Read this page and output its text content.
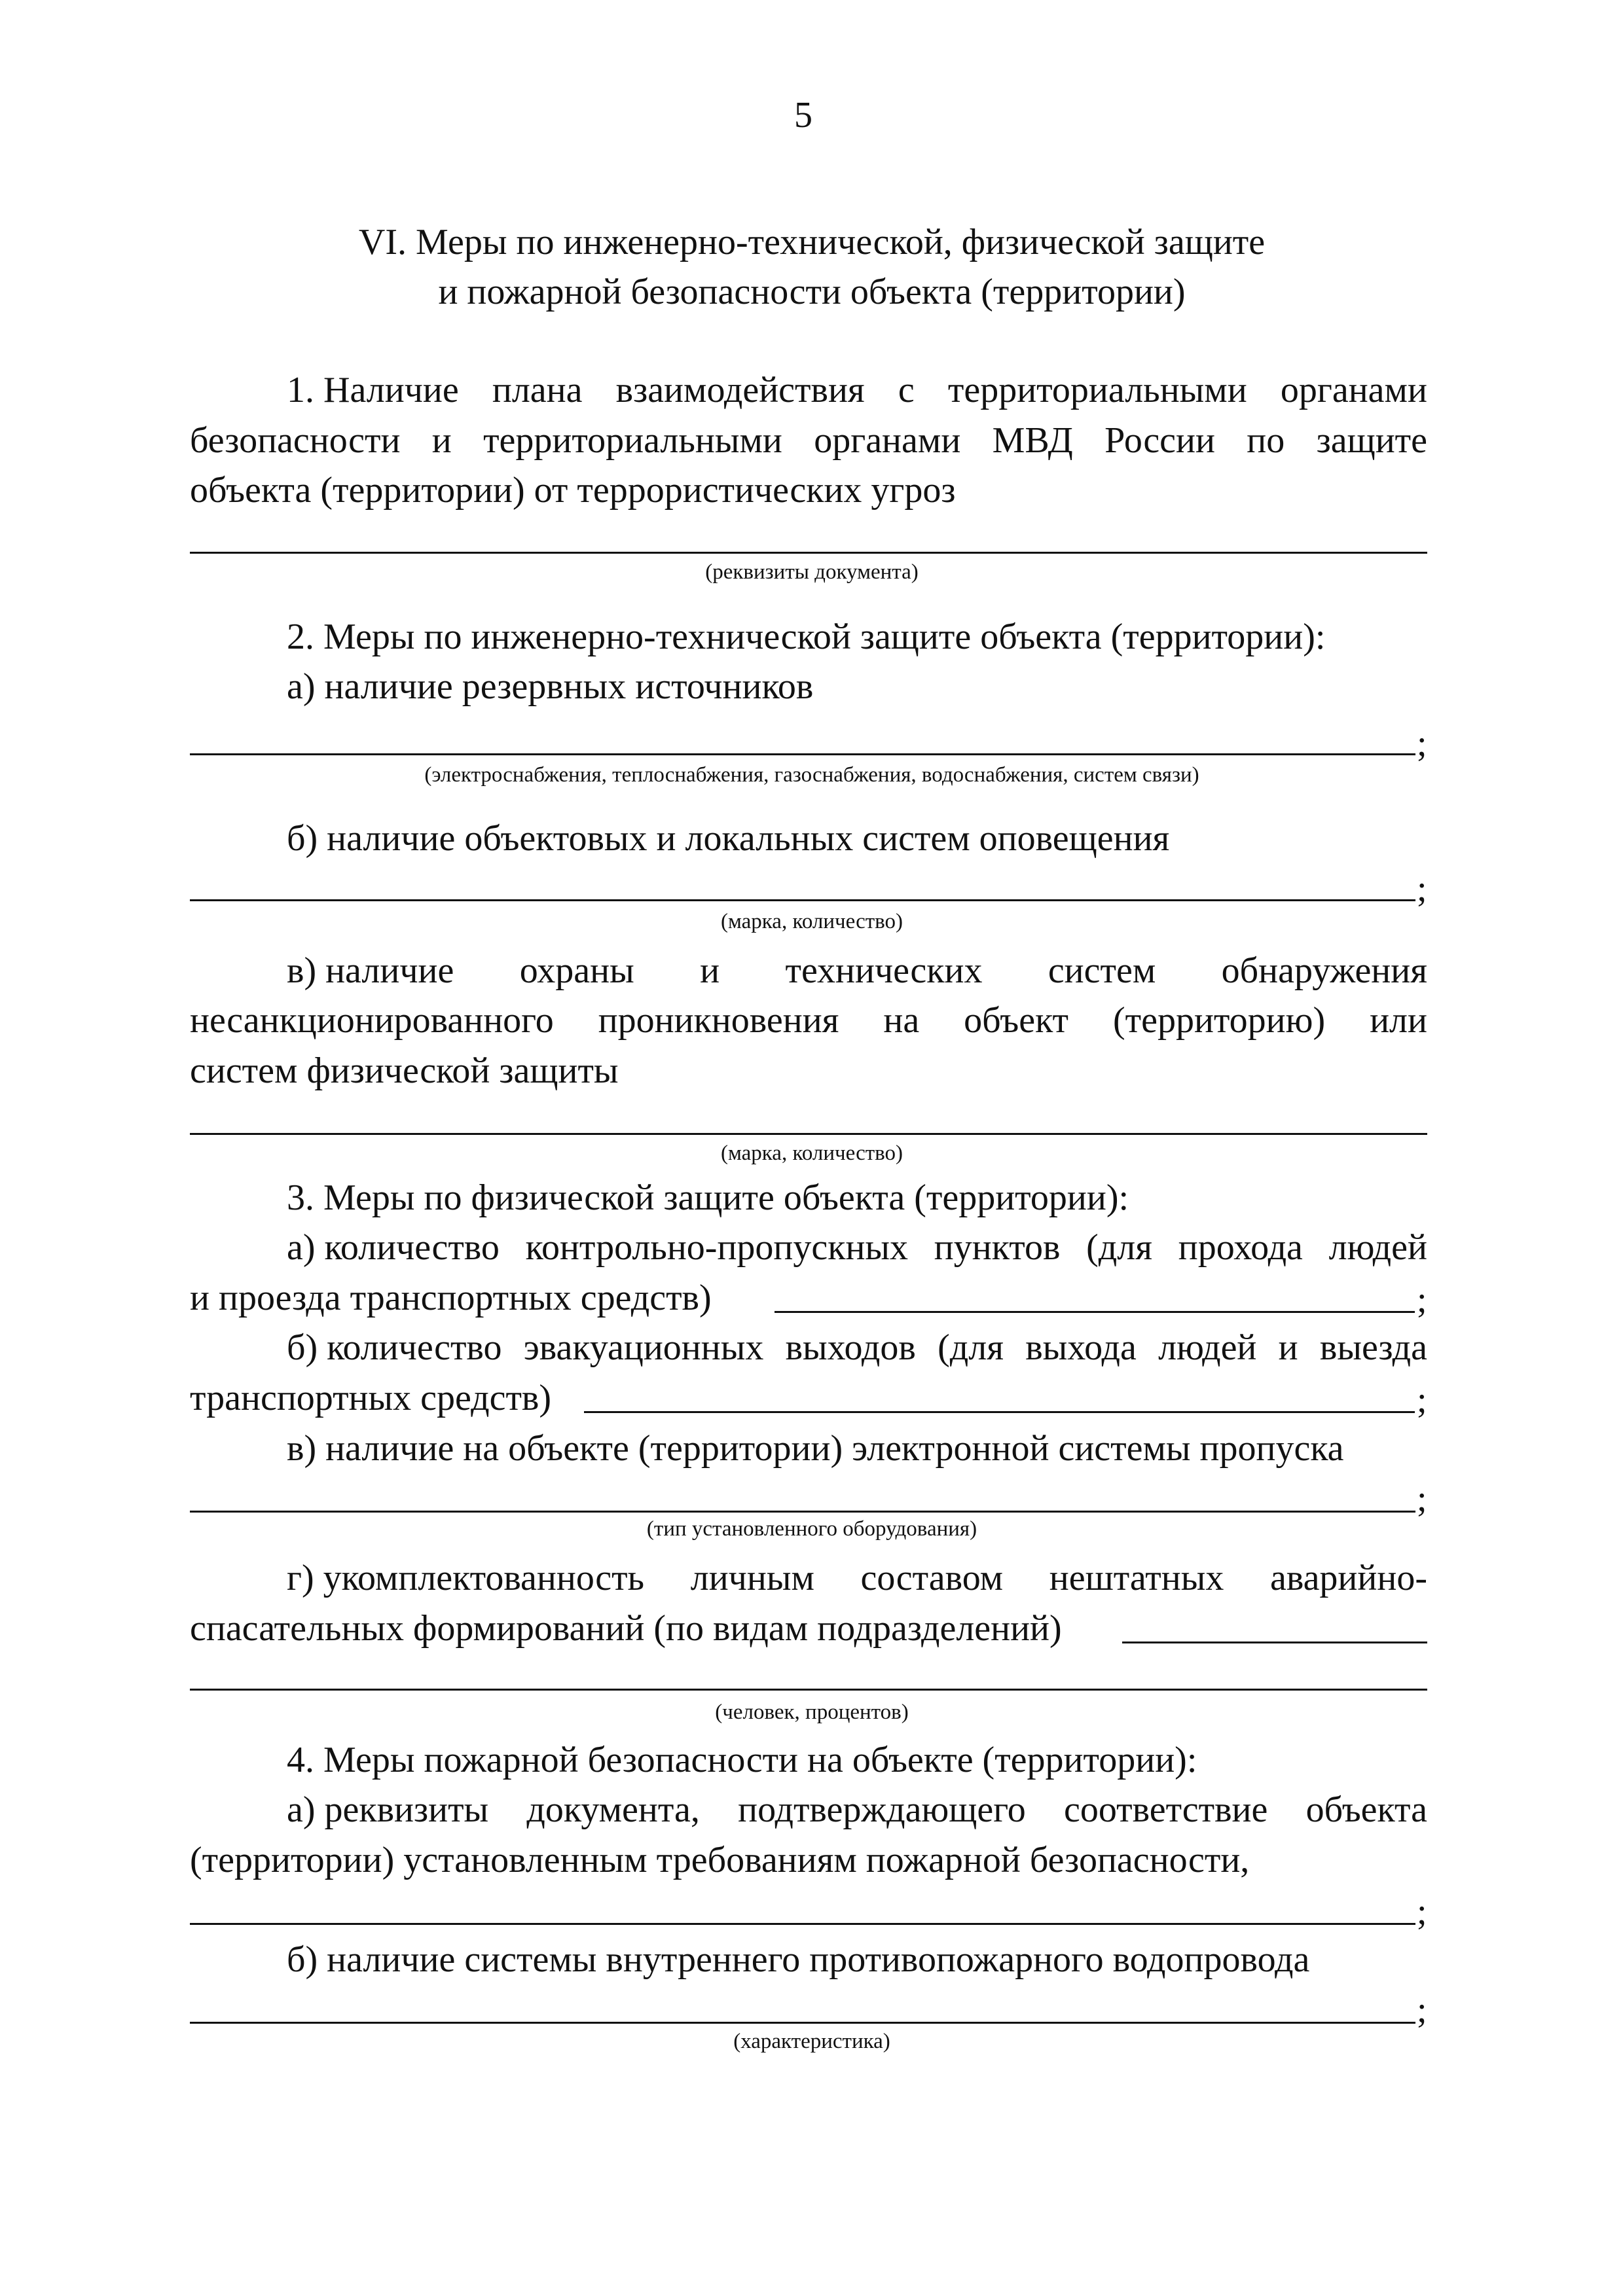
5
VI. Меры по инженерно-технической, физической защите
и пожарной безопасности объекта (территории)
1. Наличие плана взаимодействия с территориальными органами
безопасности и территориальными органами МВД России по защите
объекта (территории) от террористических угроз
(реквизиты документа)
2. Меры по инженерно-технической защите объекта (территории):
а) наличие резервных источников
;
(электроснабжения, теплоснабжения, газоснабжения, водоснабжения, систем связи)
б) наличие объектовых и локальных систем оповещения
;
(марка, количество)
в) наличие охраны и технических систем обнаружения
несанкционированного проникновения на объект (территорию) или
систем физической защиты
(марка, количество)
3. Меры по физической защите объекта (территории):
а) количество контрольно-пропускных пунктов (для прохода людей
и проезда транспортных средств)	;
б) количество эвакуационных выходов (для выхода людей и выезда
транспортных средств)	;
в) наличие на объекте (территории) электронной системы пропуска
;
(тип установленного оборудования)
г) укомплектованность личным составом нештатных аварийно-
спасательных формирований (по видам подразделений)
(человек, процентов)
4. Меры пожарной безопасности на объекте (территории):
а) реквизиты документа, подтверждающего соответствие объекта
(территории) установленным требованиям пожарной безопасности,
;
б) наличие системы внутреннего противопожарного водопровода
;
(характеристика)
